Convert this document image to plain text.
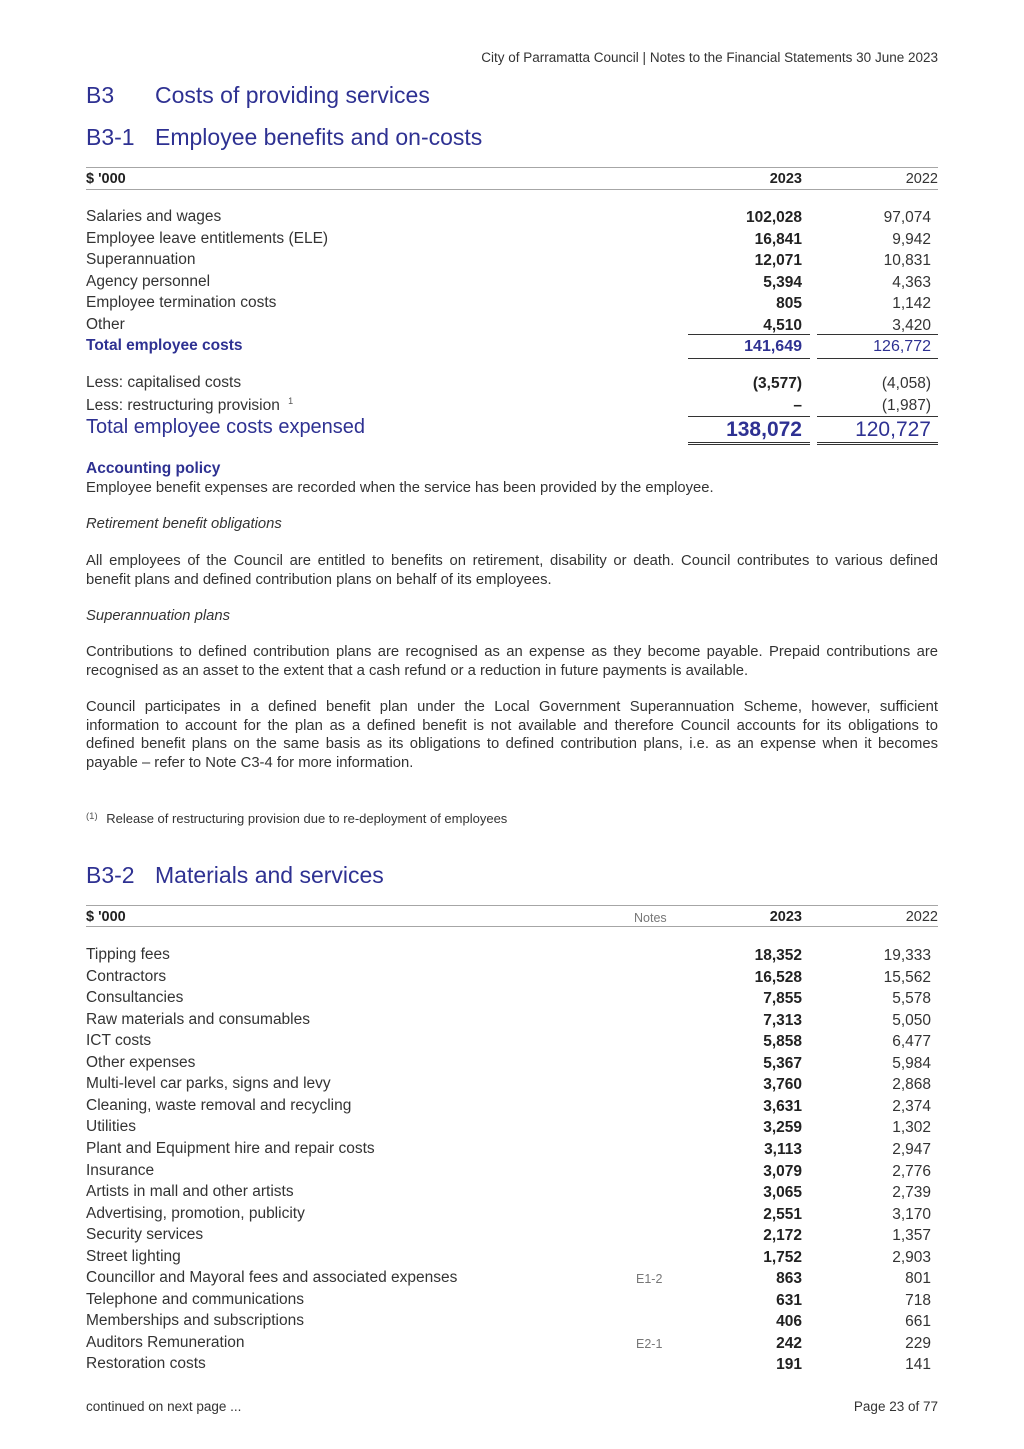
City of Parramatta Council | Notes to the Financial Statements 30 June 2023
B3 Costs of providing services
B3-1 Employee benefits and on-costs
$ '000	2023	2022
Salaries and wages	102,028	97,074
Employee leave entitlements (ELE)	16,841	9,942
Superannuation	12,071	10,831
Agency personnel	5,394	4,363
Employee termination costs	805	1,142
Other	4,510	3,420
Total employee costs	141,649	126,772
Less: capitalised costs	(3,577)	(4,058)
Less: restructuring provision $^1$	–	(1,987)
Total employee costs expensed	138,072	120,727
Accounting policy
Employee benefit expenses are recorded when the service has been provided by the employee.
Retirement benefit obligations
All employees of the Council are entitled to benefits on retirement, disability or death. Council contributes to various defined benefit plans and defined contribution plans on behalf of its employees.
Superannuation plans
Contributions to defined contribution plans are recognised as an expense as they become payable. Prepaid contributions are recognised as an asset to the extent that a cash refund or a reduction in future payments is available.
Council participates in a defined benefit plan under the Local Government Superannuation Scheme, however, sufficient information to account for the plan as a defined benefit is not available and therefore Council accounts for its obligations to defined benefit plans on the same basis as its obligations to defined contribution plans, i.e. as an expense when it becomes payable – refer to Note C3-4 for more information.
$^{(1)}$ Release of restructuring provision due to re-deployment of employees
B3-2 Materials and services
$ '000	Notes	2023	2022
Tipping fees	18,352	19,333
Contractors	16,528	15,562
Consultancies	7,855	5,578
Raw materials and consumables	7,313	5,050
ICT costs	5,858	6,477
Other expenses	5,367	5,984
Multi-level car parks, signs and levy	3,760	2,868
Cleaning, waste removal and recycling	3,631	2,374
Utilities	3,259	1,302
Plant and Equipment hire and repair costs	3,113	2,947
Insurance	3,079	2,776
Artists in mall and other artists	3,065	2,739
Advertising, promotion, publicity	2,551	3,170
Security services	2,172	1,357
Street lighting	1,752	2,903
Councillor and Mayoral fees and associated expenses	E1-2	863	801
Telephone and communications	631	718
Memberships and subscriptions	406	661
Auditors Remuneration	E2-1	242	229
Restoration costs	191	141
continued on next page ...	Page 23 of 77
